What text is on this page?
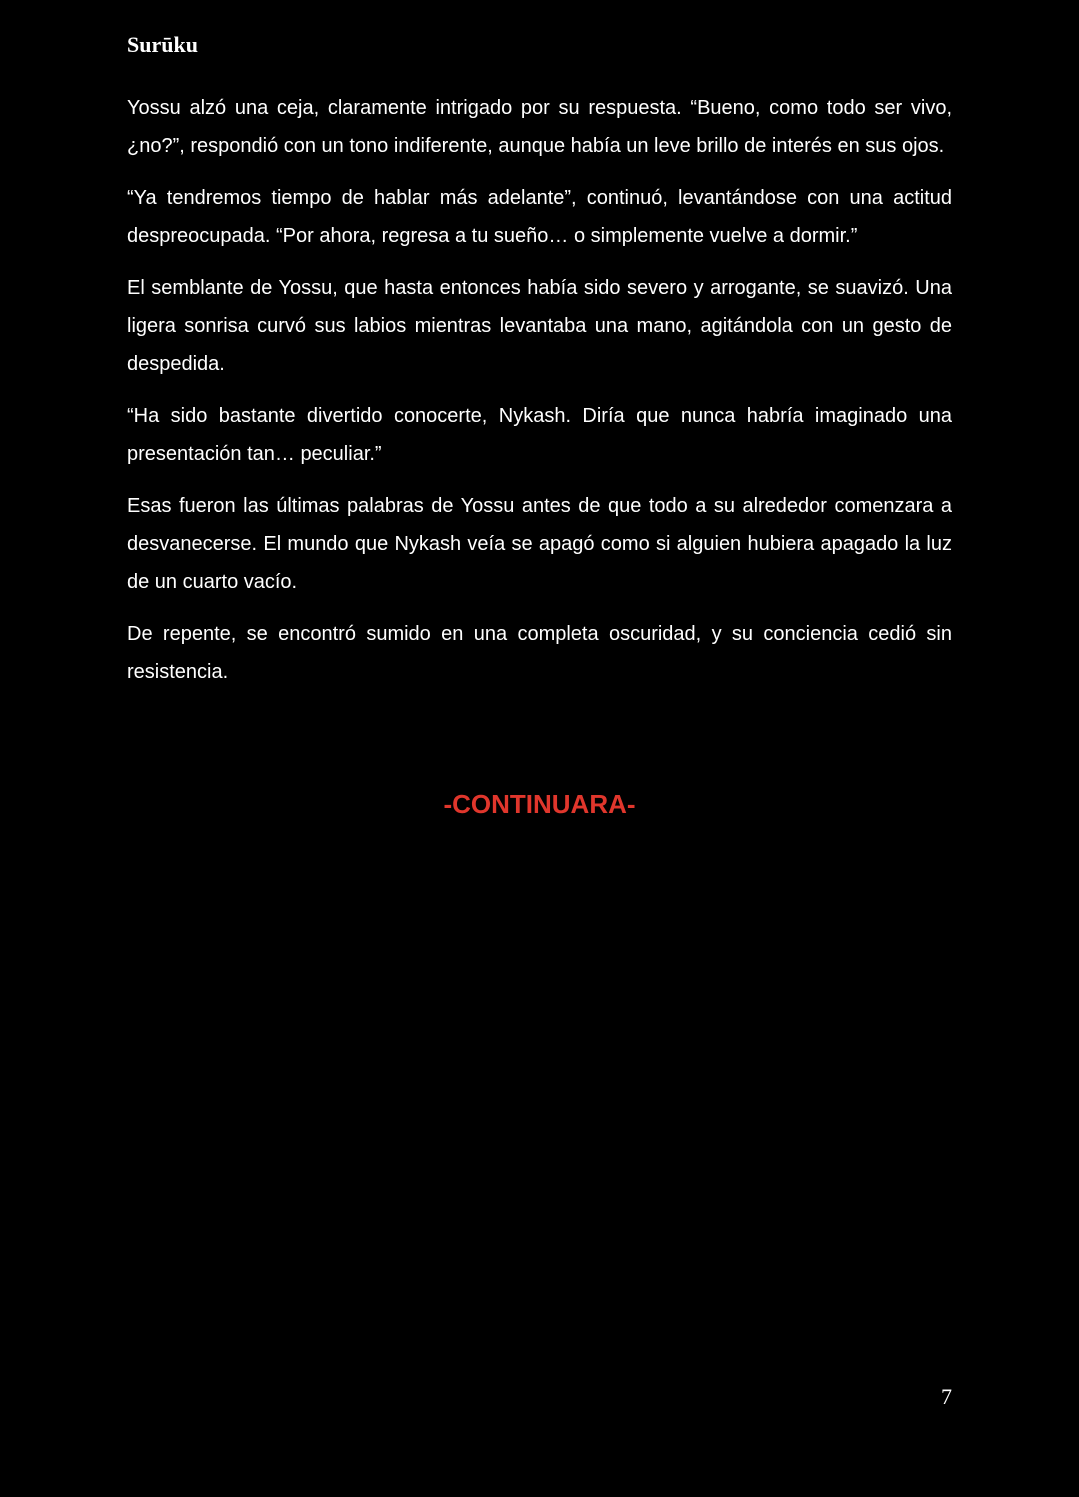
Surūku

Yossu alzó una ceja, claramente intrigado por su respuesta. “Bueno, como todo ser vivo, ¿no?”, respondió con un tono indiferente, aunque había un leve brillo de interés en sus ojos.

“Ya tendremos tiempo de hablar más adelante”, continuó, levantándose con una actitud despreocupada. “Por ahora, regresa a tu sueño… o simplemente vuelve a dormir.”

El semblante de Yossu, que hasta entonces había sido severo y arrogante, se suavizó. Una ligera sonrisa curvó sus labios mientras levantaba una mano, agitándola con un gesto de despedida.

“Ha sido bastante divertido conocerte, Nykash. Diría que nunca habría imaginado una presentación tan… peculiar.”

Esas fueron las últimas palabras de Yossu antes de que todo a su alrededor comenzara a desvanecerse. El mundo que Nykash veía se apagó como si alguien hubiera apagado la luz de un cuarto vacío.

De repente, se encontró sumido en una completa oscuridad, y su conciencia cedió sin resistencia.

-CONTINUARA-
7
